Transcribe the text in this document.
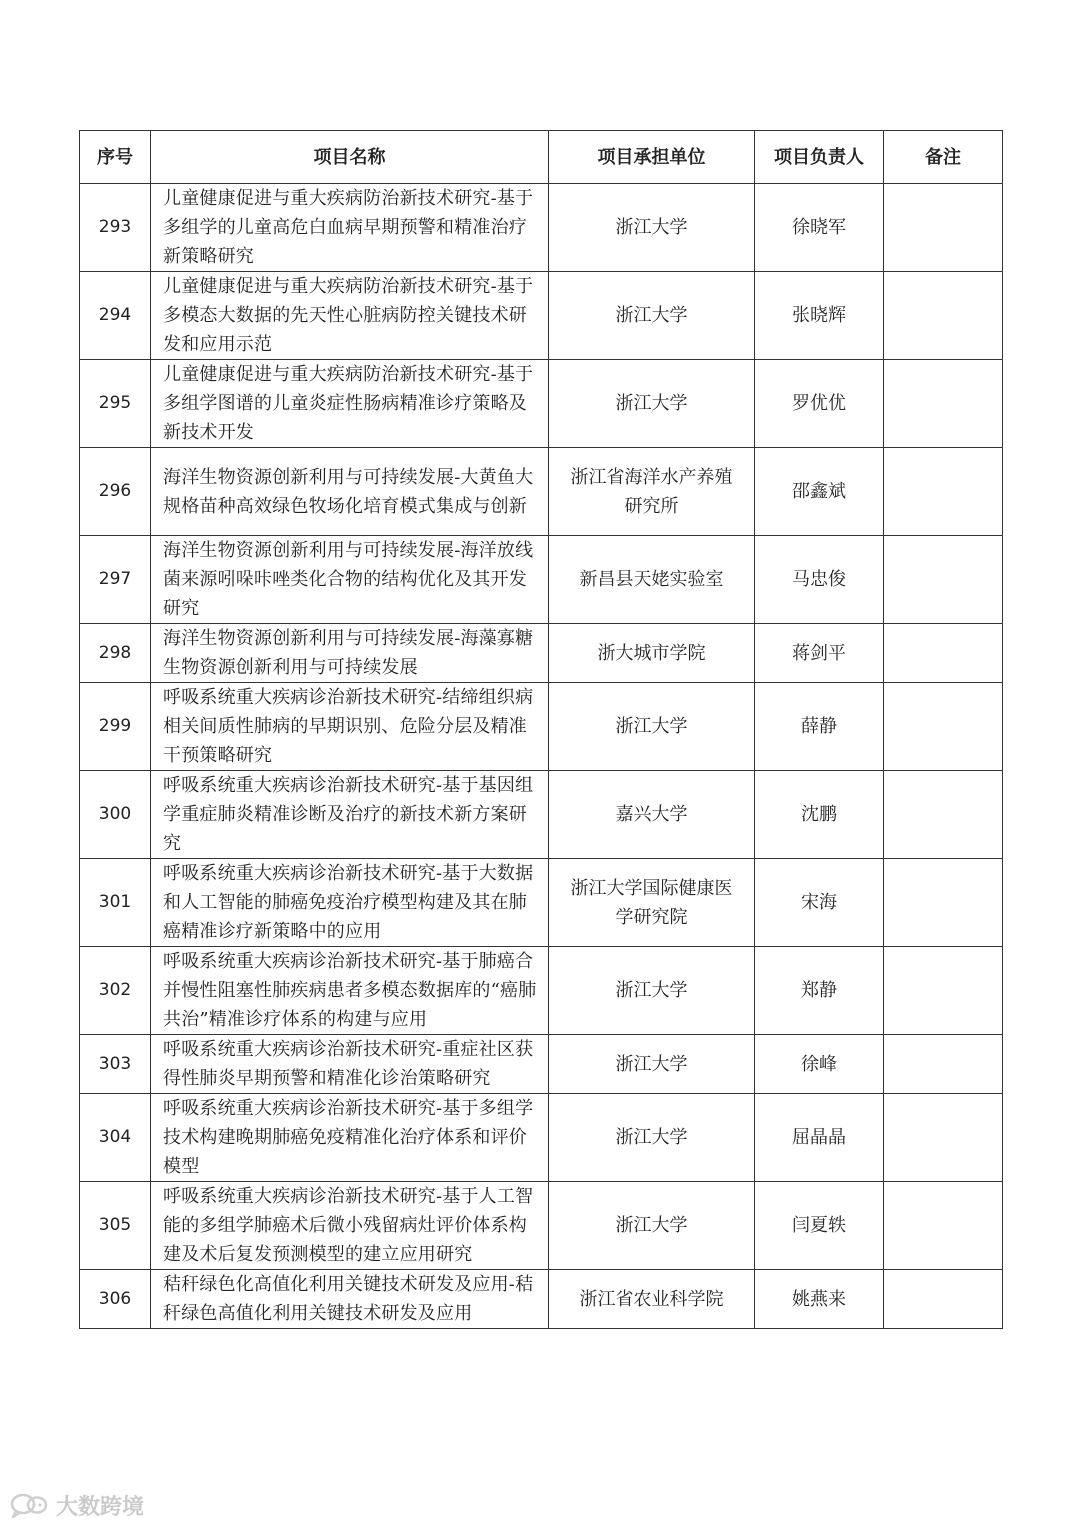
序号	项目名称	项目承担单位	项目负责人	备注
293	儿童健康促进与重大疾病防治新技术研究-基于多组学的儿童高危白血病早期预警和精准治疗新策略研究	浙江大学	徐晓军	
294	儿童健康促进与重大疾病防治新技术研究-基于多模态大数据的先天性心脏病防控关键技术研发和应用示范	浙江大学	张晓辉	
295	儿童健康促进与重大疾病防治新技术研究-基于多组学图谱的儿童炎症性肠病精准诊疗策略及新技术开发	浙江大学	罗优优	
296	海洋生物资源创新利用与可持续发展-大黄鱼大规格苗种高效绿色牧场化培育模式集成与创新	浙江省海洋水产养殖研究所	邵鑫斌	
297	海洋生物资源创新利用与可持续发展-海洋放线菌来源吲哚咔唑类化合物的结构优化及其开发研究	新昌县天姥实验室	马忠俊	
298	海洋生物资源创新利用与可持续发展-海藻寡糖生物资源创新利用与可持续发展	浙大城市学院	蒋剑平	
299	呼吸系统重大疾病诊治新技术研究-结缔组织病相关间质性肺病的早期识别、危险分层及精准干预策略研究	浙江大学	薛静	
300	呼吸系统重大疾病诊治新技术研究-基于基因组学重症肺炎精准诊断及治疗的新技术新方案研究	嘉兴大学	沈鹏	
301	呼吸系统重大疾病诊治新技术研究-基于大数据和人工智能的肺癌免疫治疗模型构建及其在肺癌精准诊疗新策略中的应用	浙江大学国际健康医学研究院	宋海	
302	呼吸系统重大疾病诊治新技术研究-基于肺癌合并慢性阻塞性肺疾病患者多模态数据库的“癌肺共治”精准诊疗体系的构建与应用	浙江大学	郑静	
303	呼吸系统重大疾病诊治新技术研究-重症社区获得性肺炎早期预警和精准化诊治策略研究	浙江大学	徐峰	
304	呼吸系统重大疾病诊治新技术研究-基于多组学技术构建晚期肺癌免疫精准化治疗体系和评价模型	浙江大学	屈晶晶	
305	呼吸系统重大疾病诊治新技术研究-基于人工智能的多组学肺癌术后微小残留病灶评价体系构建及术后复发预测模型的建立应用研究	浙江大学	闫夏轶	
306	秸秆绿色化高值化利用关键技术研发及应用-秸秆绿色高值化利用关键技术研发及应用	浙江省农业科学院	姚燕来	
大数跨境
